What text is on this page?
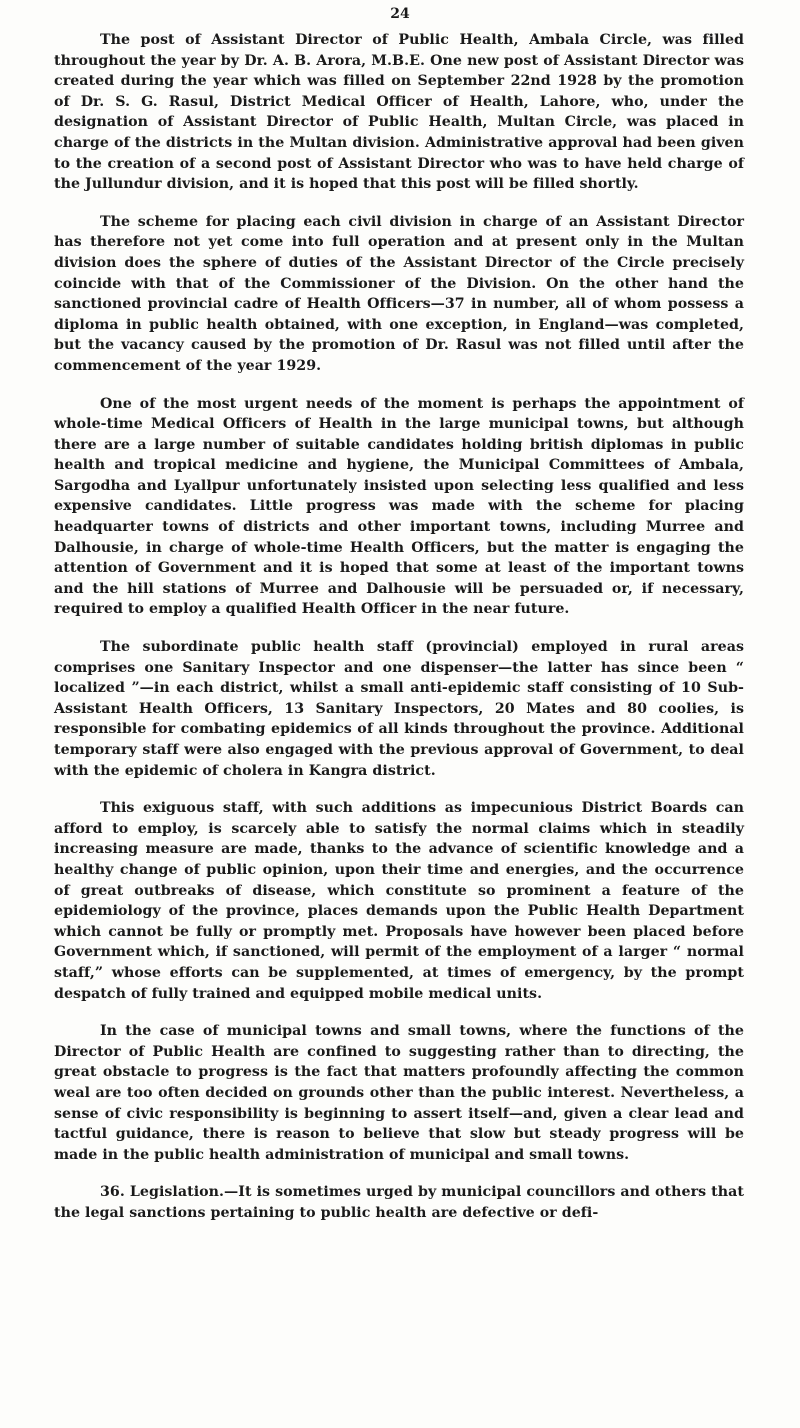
24

The post of Assistant Director of Public Health, Ambala Circle, was filled throughout the year by Dr. A. B. Arora, M.B.E. One new post of Assistant Director was created during the year which was filled on September 22nd 1928 by the promotion of Dr. S. G. Rasul, District Medical Officer of Health, Lahore, who, under the designation of Assistant Director of Public Health, Multan Circle, was placed in charge of the districts in the Multan division. Administrative approval had been given to the creation of a second post of Assistant Director who was to have held charge of the Jullundur division, and it is hoped that this post will be filled shortly.

The scheme for placing each civil division in charge of an Assistant Director has therefore not yet come into full operation and at present only in the Multan division does the sphere of duties of the Assistant Director of the Circle precisely coincide with that of the Commissioner of the Division. On the other hand the sanctioned provincial cadre of Health Officers—37 in number, all of whom possess a diploma in public health obtained, with one exception, in England—was completed, but the vacancy caused by the promotion of Dr. Rasul was not filled until after the commencement of the year 1929.

One of the most urgent needs of the moment is perhaps the appointment of whole-time Medical Officers of Health in the large municipal towns, but although there are a large number of suitable candidates holding british diplomas in public health and tropical medicine and hygiene, the Municipal Committees of Ambala, Sargodha and Lyallpur unfortunately insisted upon selecting less qualified and less expensive candidates. Little progress was made with the scheme for placing headquarter towns of districts and other important towns, including Murree and Dalhousie, in charge of whole-time Health Officers, but the matter is engaging the attention of Government and it is hoped that some at least of the important towns and the hill stations of Murree and Dalhousie will be persuaded or, if necessary, required to employ a qualified Health Officer in the near future.

The subordinate public health staff (provincial) employed in rural areas comprises one Sanitary Inspector and one dispenser—the latter has since been “ localized ”—in each district, whilst a small anti-epidemic staff consisting of 10 Sub-Assistant Health Officers, 13 Sanitary Inspectors, 20 Mates and 80 coolies, is responsible for combating epidemics of all kinds throughout the province. Additional temporary staff were also engaged with the previous approval of Government, to deal with the epidemic of cholera in Kangra district.

This exiguous staff, with such additions as impecunious District Boards can afford to employ, is scarcely able to satisfy the normal claims which in steadily increasing measure are made, thanks to the advance of scientific knowledge and a healthy change of public opinion, upon their time and energies, and the occurrence of great outbreaks of disease, which constitute so prominent a feature of the epidemiology of the province, places demands upon the Public Health Department which cannot be fully or promptly met. Proposals have however been placed before Government which, if sanctioned, will permit of the employment of a larger “ normal staff,” whose efforts can be supplemented, at times of emergency, by the prompt despatch of fully trained and equipped mobile medical units.

In the case of municipal towns and small towns, where the functions of the Director of Public Health are confined to suggesting rather than to directing, the great obstacle to progress is the fact that matters profoundly affecting the common weal are too often decided on grounds other than the public interest. Nevertheless, a sense of civic responsibility is beginning to assert itself—and, given a clear lead and tactful guidance, there is reason to believe that slow but steady progress will be made in the public health administration of municipal and small towns.

36. Legislation.—It is sometimes urged by municipal councillors and others that the legal sanctions pertaining to public health are defective or defi-
